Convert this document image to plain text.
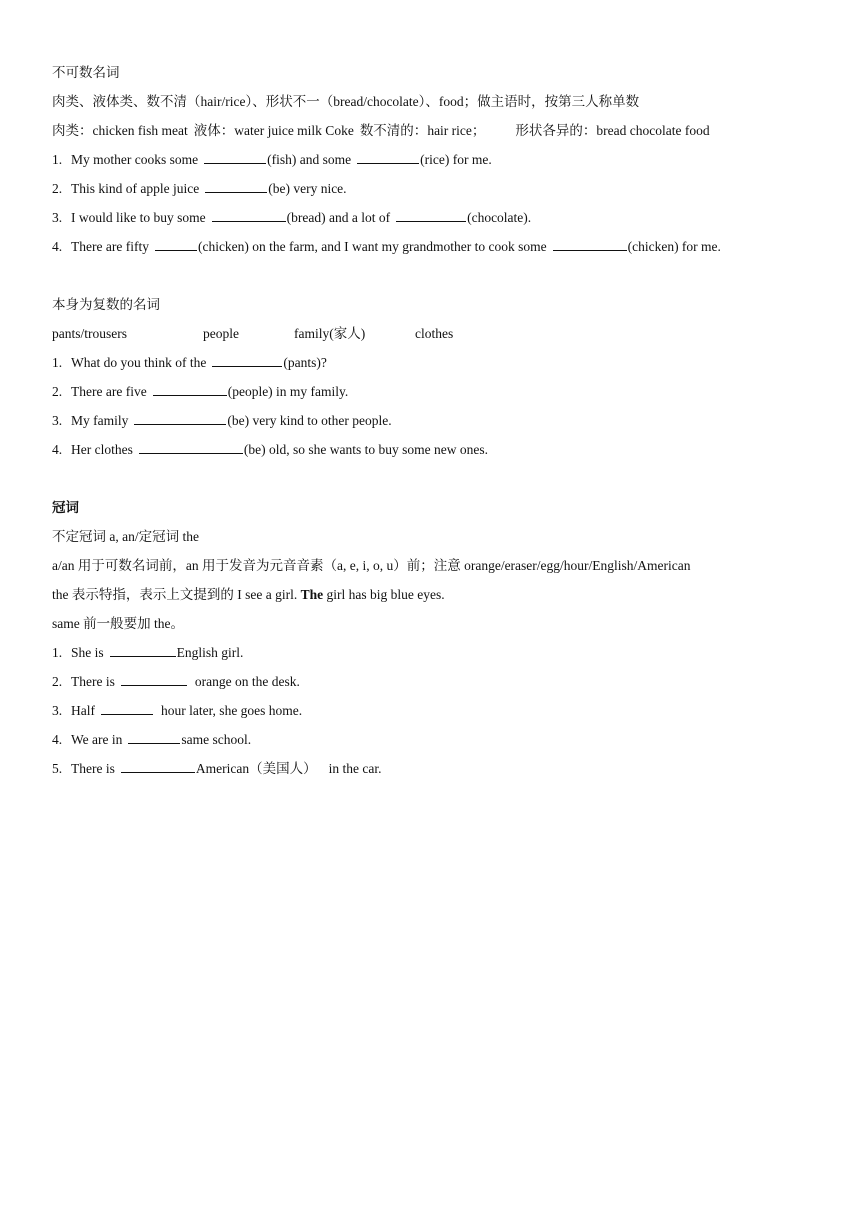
不可数名词
肉类、液体类、数不清（hair/rice）、形状不一（bread/chocolate）、food；做主语时，按第三人称单数
肉类：chicken fish meat 液体：water juice milk Coke 数不清的：hair rice； 形状各异的：bread chocolate food
1. My mother cooks some	(fish) and some	(rice) for me.
2. This kind of apple juice	(be) very nice.
3. I would like to buy some	(bread) and a lot of	(chocolate).
4. There are fifty	(chicken) on the farm, and I want my grandmother to cook some	(chicken) for me.
本身为复数的名词
pants/trousers	people	family(家人)	clothes
1. What do you think of the	(pants)?
2. There are five	(people) in my family.
3. My family	(be) very kind to other people.
4. Her clothes	(be) old, so she wants to buy some new ones.
冠词
不定冠词 a, an/定冠词 the
a/an 用于可数名词前，an 用于发音为元音音素（a, e, i, o, u）前；注意 orange/eraser/egg/hour/English/American
the 表示特指，表示上文提到的 I see a girl. The girl has big blue eyes.
same 前一般要加 the。
1. She is	English girl.
2. There is	orange on the desk.
3. Half	hour later, she goes home.
4. We are in	same school.
5. There is	American（美国人） in the car.
